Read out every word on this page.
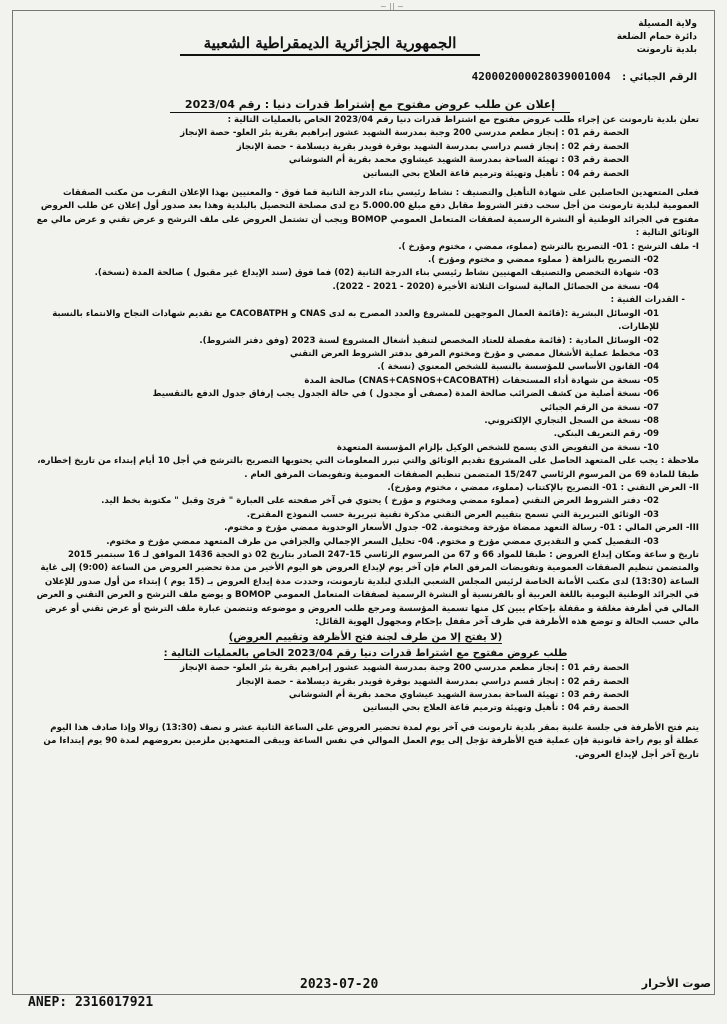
~ || ~
ولاية المسيلة
دائرة حمام الضلعة
بلدية تارمونت
الجمهورية الجزائرية الديمقراطية الشعبية
الرقم الجبائي : 420002000028039001004
إعلان عن طلب عروض مفتوح مع إشتراط قدرات دنيا : رقم 2023/04

تعلن بلدية تارمونت عن إجراء طلب عروض مفتوح مع اشتراط قدرات دنيا رقم 2023/04 الخاص بالعمليات التالية :

الحصة رقم 01 : إنجاز مطعم مدرسي 200 وجبة بمدرسة الشهيد عشور إبراهيم بقرية بئر العلو- حصة الإنجاز

الحصة رقم 02 : إنجاز قسم دراسي بمدرسة الشهيد بوقرة قويدر بقرية ديسلامة - حصة الإنجاز

الحصة رقم 03 : تهيئة الساحة بمدرسة الشهيد عيشاوي محمد بقرية أم الشوشاني

الحصة رقم 04 : تأهيل وتهيئة وترميم قاعة العلاج بحي البساتين

فعلى المتعهدين الحاصلين على شهادة التأهيل والتصنيف : نشاط رئيسي بناء الدرجة الثانية فما فوق - والمعنيين بهذا الإعلان التقرب من مكتب الصفقات العمومية لبلدية تارمونت من أجل سحب دفتر الشروط مقابل دفع مبلغ 5.000.00 دج لدى مصلحة التحصيل بالبلدية وهذا بعد صدور أول إعلان عن طلب العروض مفتوح في الجرائد الوطنية أو النشرة الرسمية لصفقات المتعامل العمومي BOMOP ويجب أن تشتمل العروض على ملف الترشح و عرض تقني و عرض مالي مع الوثائق التالية :

I- ملف الترشح : 01- التصريح بالترشح (مملوء، ممضي ، مختوم ومؤرخ ).

02- التصريح بالنزاهة ( مملوء ممضي و مختوم ومؤرخ ).

03- شهادة التخصص والتصنيف المهنيين نشاط رئيسي بناء الدرجة الثانية (02) فما فوق (سند الإيداع غير مقبول ) صالحة المدة (نسخة).

04- نسخة من الحصائل المالية لسنوات الثلاثة الأخيرة (2020 - 2021 - 2022).

- القدرات الفنية :

01- الوسائل البشرية :(قائمة العمال الموجهين للمشروع والعدد المصرح به لدى CNAS و CACOBATPH مع تقديم شهادات النجاح والانتماء بالنسبة للإطارات.

02- الوسائل المادية : (قائمة مفصلة للعتاد المخصص لتنفيذ أشغال المشروع لسنة 2023 (وفق دفتر الشروط).

03- مخطط عملية الأشغال ممضي و مؤرخ ومختوم المرفق بدفتر الشروط العرض التقني

04- القانون الأساسي للمؤسسة بالنسبة للشخص المعنوي (نسخة ).

05- نسخة من شهادة أداء المستحقات (CNAS+CASNOS+CACOBATH) صالحة المدة

06- نسخة أصلية من كشف الضرائب صالحة المدة (مصفى أو مجدول ) في حالة الجدول يجب إرفاق جدول الدفع بالتقسيط

07- نسخة من الرقم الجبائي

08- نسخة من السجل التجاري الإلكتروني.

09- رقم التعريف البنكي.

10- نسخة من التفويض الذي يسمح للشخص الوكيل بإلزام المؤسسة المتعهدة

ملاحظة : يجب على المتعهد الحاصل على المشروع تقديم الوثائق والتي تبرر المعلومات التي يحتويها التصريح بالترشح في أجل 10 أيام إبتداء من تاريخ إخطاره، طبقا للمادة 69 من المرسوم الرئاسي 15/247 المتضمن تنظيم الصفقات العمومية وتفويضات المرفق العام .

II- العرض التقني : 01- التصريح بالإكتتاب (مملوء، ممضي ، مختوم ومؤرخ).

02- دفتر الشروط العرض التقني (مملوء ممضي ومختوم و مؤرخ ) يحتوي في آخر صفحته على العبارة " قرئ وقبل " مكتوبة بخط اليد.

03- الوثائق التبريرية التي تسمح بتقييم العرض التقني مذكرة تقنية تبريرية حسب النموذج المقترح.

III- العرض المالي : 01- رسالة التعهد ممضاة مؤرخة ومختومة. 02- جدول الأسعار الوحدوية ممضي مؤرخ و مختوم.

03- التفصيل كمي و التقديري ممضي مؤرخ و مختوم. 04- تحليل السعر الإجمالي والجزافي من طرف المتعهد ممضي مؤرخ و مختوم.

تاريخ و ساعة ومكان إيداع العروض : طبقا للمواد 66 و 67 من المرسوم الرئاسي 15-247 الصادر بتاريخ 02 ذو الحجة 1436 الموافق لـ 16 سبتمبر 2015 والمتضمن تنظيم الصفقات العمومية وتفويضات المرفق العام فإن آخر يوم لإيداع العروض هو اليوم الأخير من مدة تحضير العروض من الساعة (9:00) إلى غاية الساعة (13:30) لدى مكتب الأمانة الخاصة لرئيس المجلس الشعبي البلدي لبلدية تارمونت، وحددت مدة إيداع العروض بـ (15 يوم ) إبتداء من أول صدور للإعلان في الجرائد الوطنية اليومية باللغة العربية أو بالفرنسية أو النشرة الرسمية لصفقات المتعامل العمومي BOMOP و يوضع ملف الترشح و العرض التقني و العرض المالي في أظرفة مغلقة و مقفلة بإحكام يبين كل منها تسمية المؤسسة ومرجع طلب العروض و موضوعه وتتضمن عبارة ملف الترشح أو عرض تقني أو عرض مالي حسب الحالة و توضع هذه الأظرفة في ظرف آخر مقفل بإحكام ومجهول الهوية القائل:

(لا يفتح إلا من طرف لجنة فتح الأظرفة وتقييم العروض)

طلب عروض مفتوح مع اشتراط قدرات دنيا رقم 2023/04 الخاص بالعمليات التالية :

الحصة رقم 01 : إنجاز مطعم مدرسي 200 وجبة بمدرسة الشهيد عشور إبراهيم بقرية بئر العلو- حصة الإنجاز

الحصة رقم 02 : إنجاز قسم دراسي بمدرسة الشهيد بوقرة قويدر بقرية ديسلامة - حصة الإنجاز

الحصة رقم 03 : تهيئة الساحة بمدرسة الشهيد عيشاوي محمد بقرية أم الشوشاني

الحصة رقم 04 : تأهيل وتهيئة وترميم قاعة العلاج بحي البساتين

يتم فتح الأظرفة في جلسة علنية بمقر بلدية تارمونت في آخر يوم لمدة تحضير العروض على الساعة الثانية عشر و نصف (13:30) زوالا وإذا صادف هذا اليوم عطلة أو يوم راحة قانونية فإن عملية فتح الأظرفة تؤجل إلى يوم العمل الموالي في نفس الساعة ويبقى المتعهدين ملزمين بعروضهم لمدة 90 يوم إبتداءا من تاريخ آخر أجل لإيداع العروض.

صوت الأحرار
2023-07-20
ANEP: 2316017921
